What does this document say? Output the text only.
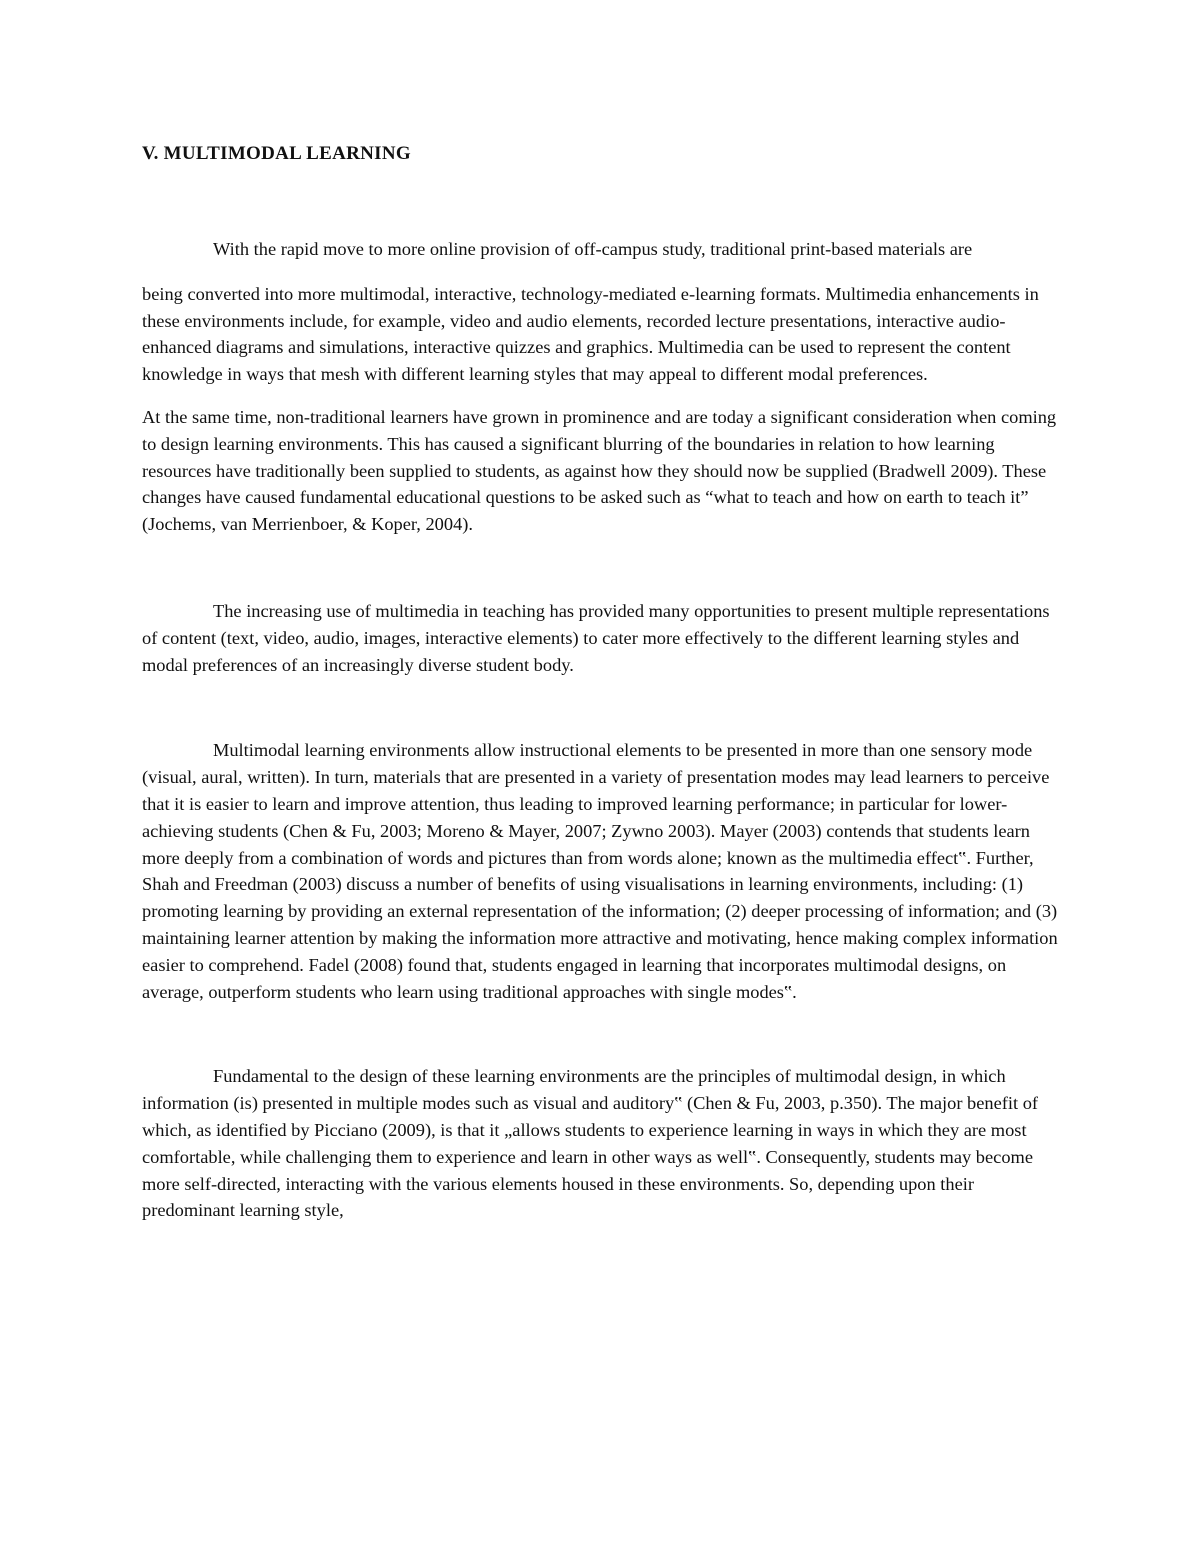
V. MULTIMODAL LEARNING

With the rapid move to more online provision of off-campus study, traditional print-based materials are

being converted into more multimodal, interactive, technology-mediated e-learning formats. Multimedia enhancements in these environments include, for example, video and audio elements, recorded lecture presentations, interactive audio-enhanced diagrams and simulations, interactive quizzes and graphics. Multimedia can be used to represent the content knowledge in ways that mesh with different learning styles that may appeal to different modal preferences.

At the same time, non-traditional learners have grown in prominence and are today a significant consideration when coming to design learning environments. This has caused a significant blurring of the boundaries in relation to how learning resources have traditionally been supplied to students, as against how they should now be supplied (Bradwell 2009). These changes have caused fundamental educational questions to be asked such as “what to teach and how on earth to teach it” (Jochems, van Merrienboer, & Koper, 2004).

The increasing use of multimedia in teaching has provided many opportunities to present multiple representations of content (text, video, audio, images, interactive elements) to cater more effectively to the different learning styles and modal preferences of an increasingly diverse student body.

Multimodal learning environments allow instructional elements to be presented in more than one sensory mode (visual, aural, written). In turn, materials that are presented in a variety of presentation modes may lead learners to perceive that it is easier to learn and improve attention, thus leading to improved learning performance; in particular for lower-achieving students (Chen & Fu, 2003; Moreno & Mayer, 2007; Zywno 2003). Mayer (2003) contends that students learn more deeply from a combination of words and pictures than from words alone; known as the multimedia effect‟. Further, Shah and Freedman (2003) discuss a number of benefits of using visualisations in learning environments, including: (1) promoting learning by providing an external representation of the information; (2) deeper processing of information; and (3) maintaining learner attention by making the information more attractive and motivating, hence making complex information easier to comprehend. Fadel (2008) found that, students engaged in learning that incorporates multimodal designs, on average, outperform students who learn using traditional approaches with single modes‟.

Fundamental to the design of these learning environments are the principles of multimodal design, in which information (is) presented in multiple modes such as visual and auditory‟ (Chen & Fu, 2003, p.350). The major benefit of which, as identified by Picciano (2009), is that it „allows students to experience learning in ways in which they are most comfortable, while challenging them to experience and learn in other ways as well‟. Consequently, students may become more self-directed, interacting with the various elements housed in these environments. So, depending upon their predominant learning style,
